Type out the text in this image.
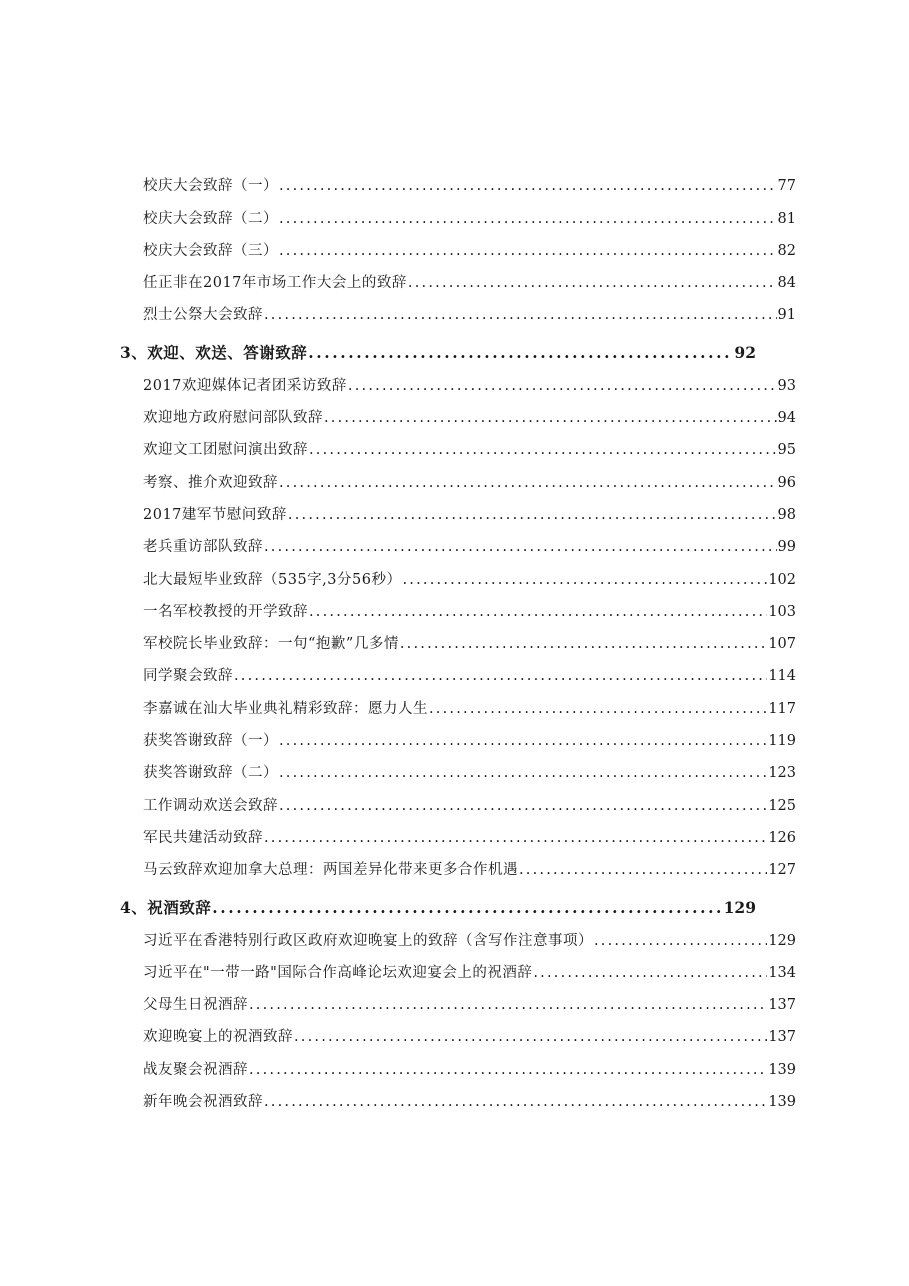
校庆大会致辞（一） .....	77
校庆大会致辞（二） .....	81
校庆大会致辞（三） .....	82
任正非在2017年市场工作大会上的致辞 .....	84
烈士公祭大会致辞 .....	91
3、欢迎、欢送、答谢致辞 .....	92
2017欢迎媒体记者团采访致辞 .....	93
欢迎地方政府慰问部队致辞 .....	94
欢迎文工团慰问演出致辞 .....	95
考察、推介欢迎致辞 .....	96
2017建军节慰问致辞 .....	98
老兵重访部队致辞 .....	99
北大最短毕业致辞（535字,3分56秒） .....	102
一名军校教授的开学致辞 .....	103
军校院长毕业致辞：一句“抱歉”几多情 .....	107
同学聚会致辞 .....	114
李嘉诚在汕大毕业典礼精彩致辞：愿力人生 .....	117
获奖答谢致辞（一） .....	119
获奖答谢致辞（二） .....	123
工作调动欢送会致辞 .....	125
军民共建活动致辞 .....	126
马云致辞欢迎加拿大总理：两国差异化带来更多合作机遇 .....	127
4、祝酒致辞 .....	129
习近平在香港特别行政区政府欢迎晚宴上的致辞（含写作注意事项） .....	129
习近平在"一带一路"国际合作高峰论坛欢迎宴会上的祝酒辞 .....	134
父母生日祝酒辞 .....	137
欢迎晚宴上的祝酒致辞 .....	137
战友聚会祝酒辞 .....	139
新年晚会祝酒致辞 .....	139
